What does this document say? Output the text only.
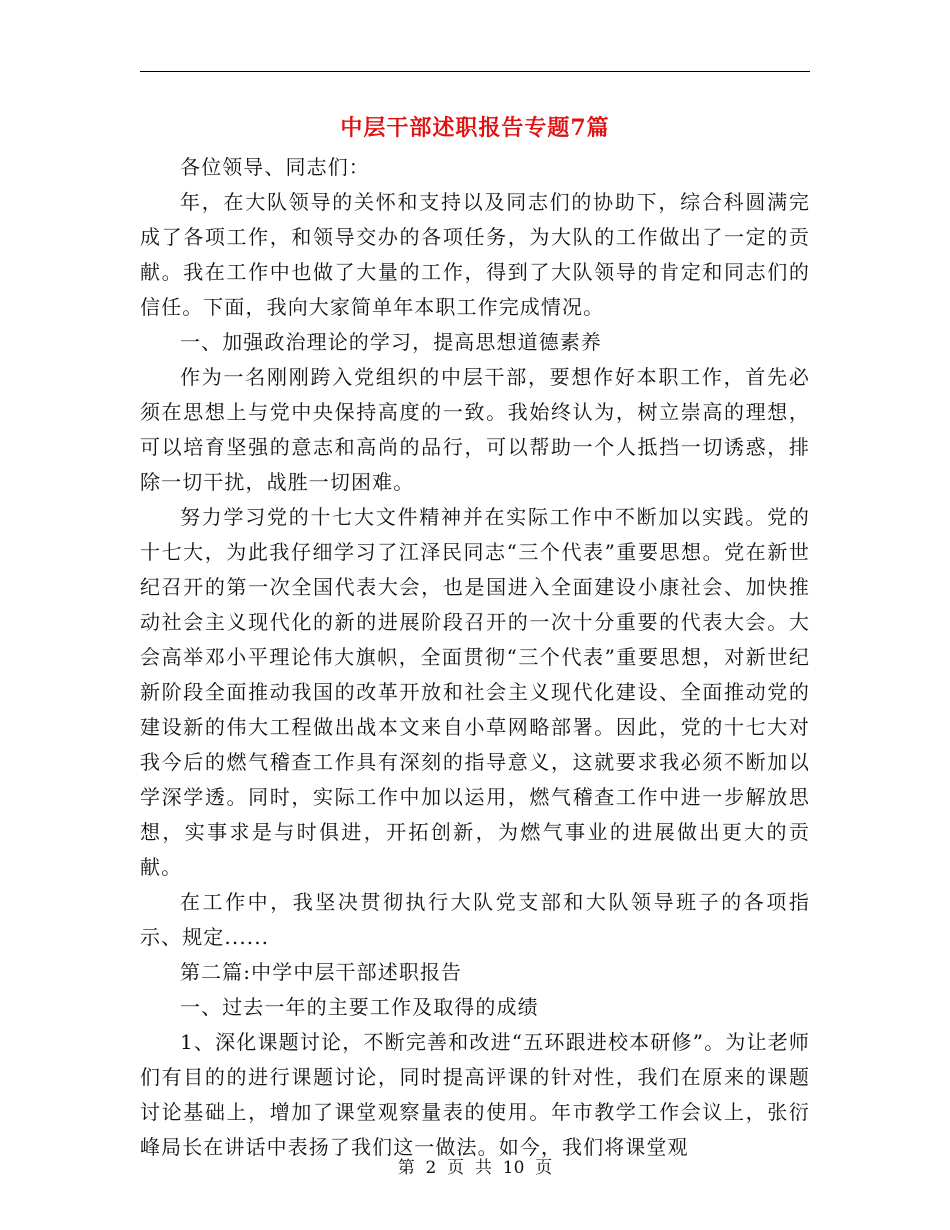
中层干部述职报告专题7篇

各位领导、同志们：

年，在大队领导的关怀和支持以及同志们的协助下，综合科圆满完成了各项工作，和领导交办的各项任务，为大队的工作做出了一定的贡献。我在工作中也做了大量的工作，得到了大队领导的肯定和同志们的信任。下面，我向大家简单年本职工作完成情况。

一、加强政治理论的学习，提高思想道德素养

作为一名刚刚跨入党组织的中层干部，要想作好本职工作，首先必须在思想上与党中央保持高度的一致。我始终认为，树立崇高的理想，可以培育坚强的意志和高尚的品行，可以帮助一个人抵挡一切诱惑，排除一切干扰，战胜一切困难。

努力学习党的十七大文件精神并在实际工作中不断加以实践。党的十七大，为此我仔细学习了江泽民同志“三个代表”重要思想。党在新世纪召开的第一次全国代表大会，也是国进入全面建设小康社会、加快推动社会主义现代化的新的进展阶段召开的一次十分重要的代表大会。大会高举邓小平理论伟大旗帜，全面贯彻“三个代表”重要思想，对新世纪新阶段全面推动我国的改革开放和社会主义现代化建设、全面推动党的建设新的伟大工程做出战本文来自小草网略部署。因此，党的十七大对我今后的燃气稽查工作具有深刻的指导意义，这就要求我必须不断加以学深学透。同时，实际工作中加以运用，燃气稽查工作中进一步解放思想，实事求是与时俱进，开拓创新，为燃气事业的进展做出更大的贡献。

在工作中，我坚决贯彻执行大队党支部和大队领导班子的各项指示、规定......

第二篇:中学中层干部述职报告

一、过去一年的主要工作及取得的成绩

1、深化课题讨论，不断完善和改进“五环跟进校本研修”。为让老师们有目的的进行课题讨论，同时提高评课的针对性，我们在原来的课题讨论基础上，增加了课堂观察量表的使用。年市教学工作会议上，张衍峰局长在讲话中表扬了我们这一做法。如今，我们将课堂观

第  2  页  共  10  页
